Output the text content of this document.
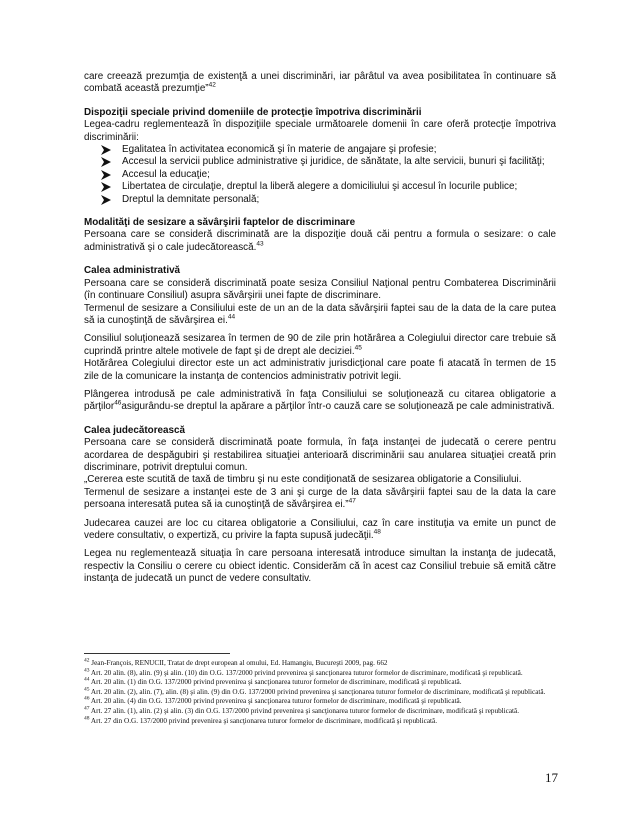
care creează prezumţia de existenţă a unei discriminări, iar pârâtul va avea posibilitatea în continuare să combată această prezumţie”$^{42}$

Dispoziţii speciale privind domeniile de protecţie împotriva discriminării

Legea-cadru reglementează în dispoziţiile speciale următoarele domenii în care oferă protecţie împotriva discriminării:

Egalitatea în activitatea economică şi în materie de angajare şi profesie;
Accesul la servicii publice administrative şi juridice, de sănătate, la alte servicii, bunuri şi facilităţi;
Accesul la educaţie;
Libertatea de circulaţie, dreptul la liberă alegere a domiciliului şi accesul în locurile publice;
Dreptul la demnitate personală;

Modalităţi de sesizare a săvârşirii faptelor de discriminare

Persoana care se consideră discriminată are la dispoziţie două căi pentru a formula o sesizare: o cale administrativă şi o cale judecătorească.$^{43}$

Calea administrativă

Persoana care se consideră discriminată poate sesiza Consiliul Naţional pentru Combaterea Discriminării (în continuare Consiliul) asupra săvârşirii unei fapte de discriminare.

Termenul de sesizare a Consiliului este de un an de la data săvârşirii faptei sau de la data de la care putea să ia cunoştinţă de săvârşirea ei.$^{44}$

Consiliul soluţionează sesizarea în termen de 90 de zile prin hotărârea a Colegiului director care trebuie să cuprindă printre altele motivele de fapt şi de drept ale deciziei.$^{45}$

Hotărârea Colegiului director este un act administrativ jurisdicţional care poate fi atacată în termen de 15 zile de la comunicare la instanţa de contencios administrativ potrivit legii.

Plângerea introdusă pe cale administrativă în faţa Consiliului se soluţionează cu citarea obligatorie a părţilor$^{46}$asigurându-se dreptul la apărare a părţilor într-o cauză care se soluţionează pe cale administrativă.

Calea judecătorească

Persoana care se consideră discriminată poate formula, în faţa instanţei de judecată o cerere pentru acordarea de despăgubiri şi restabilirea situaţiei anterioară discriminării sau anularea situaţiei creată prin discriminare, potrivit dreptului comun.

„Cererea este scutită de taxă de timbru şi nu este condiţionată de sesizarea obligatorie a Consiliului.

Termenul de sesizare a instanţei este de 3 ani şi curge de la data săvârşirii faptei sau de la data la care persoana interesată putea să ia cunoştinţă de săvârşirea ei.”$^{47}$

Judecarea cauzei are loc cu citarea obligatorie a Consiliului, caz în care instituţia va emite un punct de vedere consultativ, o expertiză, cu privire la fapta supusă judecăţii.$^{48}$

Legea nu reglementează situaţia în care persoana interesată introduce simultan la instanţa de judecată, respectiv la Consiliu o cerere cu obiect identic. Considerăm că în acest caz Consiliul trebuie să emită către instanţa de judecată un punct de vedere consultativ.

$^{42}$ Jean-François, RENUCII, Tratat de drept european al omului, Ed. Hamangiu, Bucureşti 2009, pag. 662

$^{43}$ Art. 20 alin. (8), alin. (9) şi alin. (10) din O.G. 137/2000 privind prevenirea şi sancţionarea tuturor formelor de discriminare, modificată şi republicată.

$^{44}$ Art. 20 alin. (1) din O.G. 137/2000 privind prevenirea şi sancţionarea tuturor formelor de discriminare, modificată şi republicată.

$^{45}$ Art. 20 alin. (2), alin. (7), alin. (8) şi alin. (9) din O.G. 137/2000 privind prevenirea şi sancţionarea tuturor formelor de discriminare, modificată şi republicată.

$^{46}$ Art. 20 alin. (4) din O.G. 137/2000 privind prevenirea şi sancţionarea tuturor formelor de discriminare, modificată şi republicată.

$^{47}$ Art. 27 alin. (1), alin. (2) şi alin. (3) din O.G. 137/2000 privind prevenirea şi sancţionarea tuturor formelor de discriminare, modificată şi republicată.

$^{48}$ Art. 27 din O.G. 137/2000 privind prevenirea şi sancţionarea tuturor formelor de discriminare, modificată şi republicată.

17
